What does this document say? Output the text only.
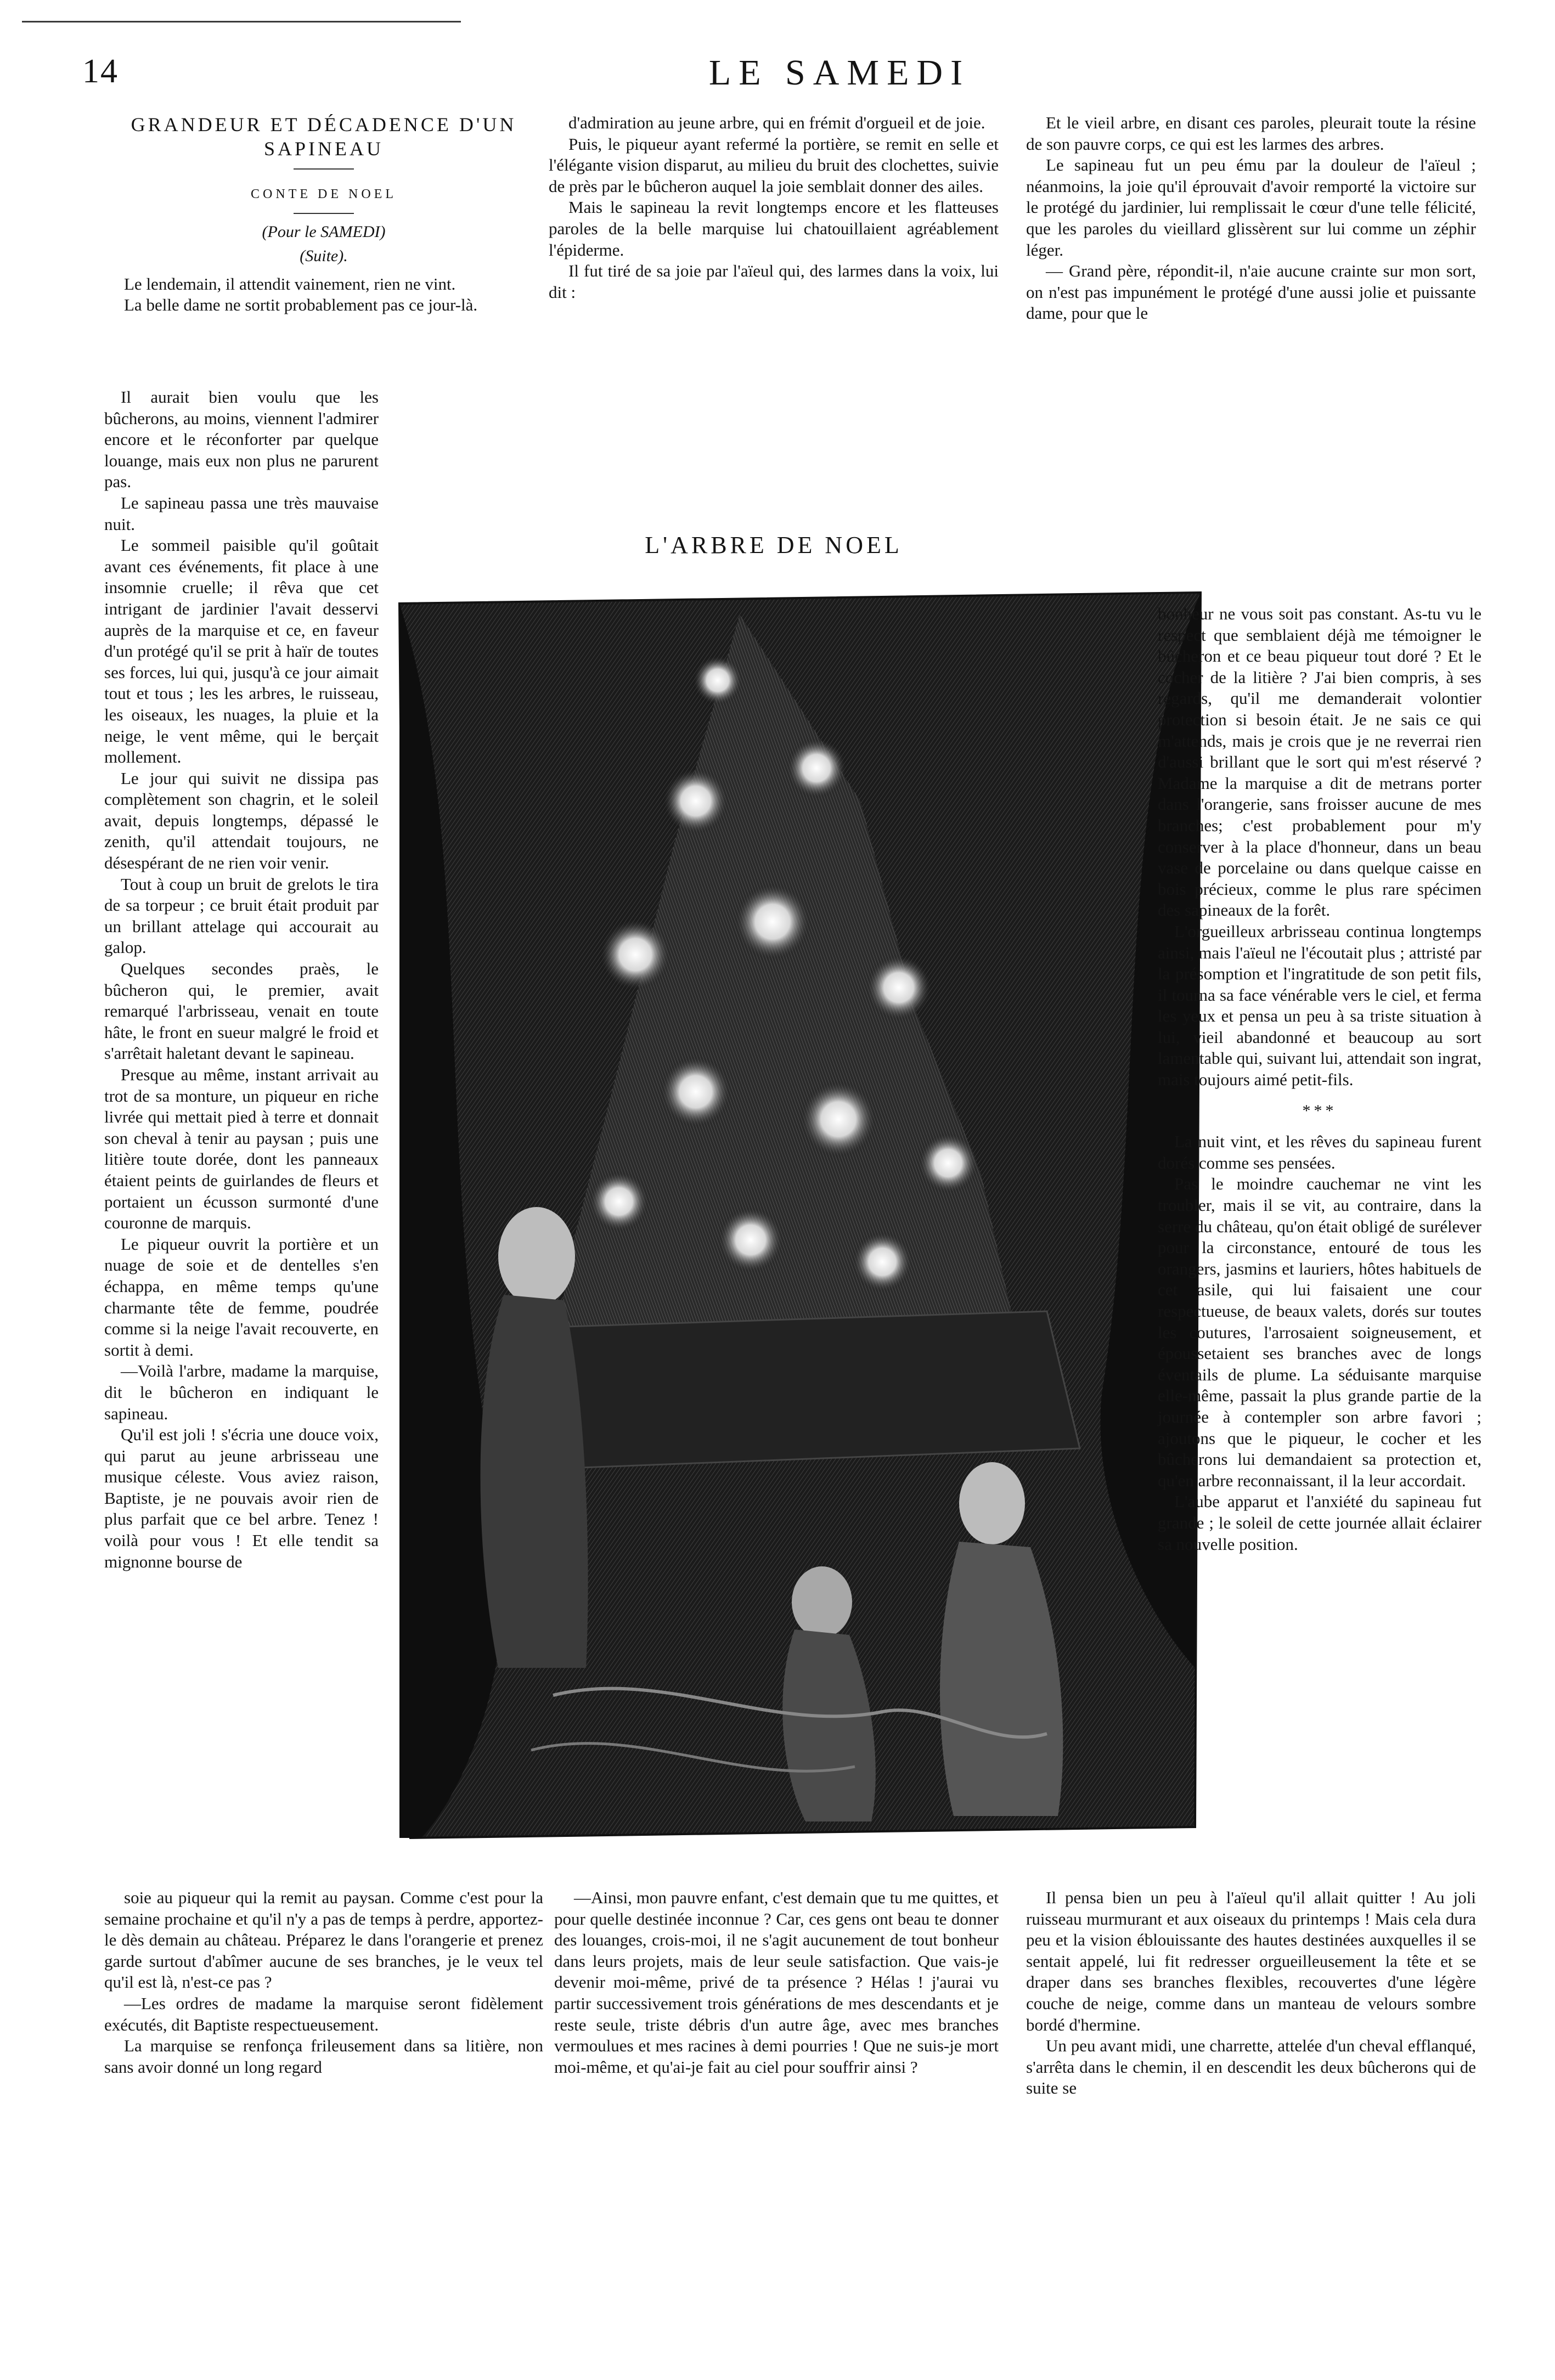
14	LE SAMEDI
GRANDEUR ET DÉCADENCE D'UN SAPINEAU
CONTE DE NOEL
(Pour le SAMEDI)
(Suite).

Le lendemain, il attendit vainement, rien ne vint.

La belle dame ne sortit probablement pas ce jour-là.

Il aurait bien voulu que les bûcherons, au moins, viennent l'admirer encore et le réconforter par quelque louange, mais eux non plus ne parurent pas.

Le sapineau passa une très mauvaise nuit.

Le sommeil paisible qu'il goûtait avant ces événements, fit place à une insomnie cruelle; il rêva que cet intrigant de jardinier l'avait desservi auprès de la marquise et ce, en faveur d'un protégé qu'il se prit à haïr de toutes ses forces, lui qui, jusqu'à ce jour aimait tout et tous ; les les arbres, le ruisseau, les oiseaux, les nuages, la pluie et la neige, le vent même, qui le berçait mollement.

Le jour qui suivit ne dissipa pas complètement son chagrin, et le soleil avait, depuis longtemps, dépassé le zenith, qu'il attendait toujours, ne désespérant de ne rien voir venir.

Tout à coup un bruit de grelots le tira de sa torpeur ; ce bruit était produit par un brillant attelage qui accourait au galop.

Quelques secondes praès, le bûcheron qui, le premier, avait remarqué l'arbrisseau, venait en toute hâte, le front en sueur malgré le froid et s'arrêtait haletant devant le sapineau.

Presque au même, instant arrivait au trot de sa monture, un piqueur en riche livrée qui mettait pied à terre et donnait son cheval à tenir au paysan ; puis une litière toute dorée, dont les panneaux étaient peints de guirlandes de fleurs et portaient un écusson surmonté d'une couronne de marquis.

Le piqueur ouvrit la portière et un nuage de soie et de dentelles s'en échappa, en même temps qu'une charmante tête de femme, poudrée comme si la neige l'avait recouverte, en sortit à demi.

—Voilà l'arbre, madame la marquise, dit le bûcheron en indiquant le sapineau.

Qu'il est joli ! s'écria une douce voix, qui parut au jeune arbrisseau une musique céleste. Vous aviez raison, Baptiste, je ne pouvais avoir rien de plus parfait que ce bel arbre. Tenez ! voilà pour vous ! Et elle tendit sa mignonne bourse de

soie au piqueur qui la remit au paysan. Comme c'est pour la semaine prochaine et qu'il n'y a pas de temps à perdre, apportez-le dès demain au château. Préparez le dans l'orangerie et prenez garde surtout d'abîmer aucune de ses branches, je le veux tel qu'il est là, n'est-ce pas ?

—Les ordres de madame la marquise seront fidèlement exécutés, dit Baptiste respectueusement.

La marquise se renfonça frileusement dans sa litière, non sans avoir donné un long regard

d'admiration au jeune arbre, qui en frémit d'orgueil et de joie.

Puis, le piqueur ayant refermé la portière, se remit en selle et l'élégante vision disparut, au milieu du bruit des clochettes, suivie de près par le bûcheron auquel la joie semblait donner des ailes.

Mais le sapineau la revit longtemps encore et les flatteuses paroles de la belle marquise lui chatouillaient agréablement l'épiderme.

Il fut tiré de sa joie par l'aïeul qui, des larmes dans la voix, lui dit :

L'ARBRE DE NOEL

—Ainsi, mon pauvre enfant, c'est demain que tu me quittes, et pour quelle destinée inconnue ? Car, ces gens ont beau te donner des louanges, crois-moi, il ne s'agit aucunement de tout bonheur dans leurs projets, mais de leur seule satisfaction. Que vais-je devenir moi-même, privé de ta présence ? Hélas ! j'aurai vu partir successivement trois générations de mes descendants et je reste seule, triste débris d'un autre âge, avec mes branches vermoulues et mes racines à demi pourries ! Que ne suis-je mort moi-même, et qu'ai-je fait au ciel pour souffrir ainsi ?

Et le vieil arbre, en disant ces paroles, pleurait toute la résine de son pauvre corps, ce qui est les larmes des arbres.

Le sapineau fut un peu ému par la douleur de l'aïeul ; néanmoins, la joie qu'il éprouvait d'avoir remporté la victoire sur le protégé du jardinier, lui remplissait le cœur d'une telle félicité, que les paroles du vieillard glissèrent sur lui comme un zéphir léger.

— Grand père, répondit-il, n'aie aucune crainte sur mon sort, on n'est pas impunément le protégé d'une aussi jolie et puissante dame, pour que le

bonheur ne vous soit pas constant. As-tu vu le respect que semblaient déjà me témoigner le bûcheron et ce beau piqueur tout doré ? Et le cocher de la litière ? J'ai bien compris, à ses regards, qu'il me demanderait volontier protection si besoin était. Je ne sais ce qui m'attends, mais je crois que je ne reverrai rien d'aussi brillant que le sort qui m'est réservé ? Madame la marquise a dit de metrans porter dans l'orangerie, sans froisser aucune de mes branches; c'est probablement pour m'y conserver à la place d'honneur, dans un beau vase de porcelaine ou dans quelque caisse en bois précieux, comme le plus rare spécimen des sapineaux de la forêt.

L'orgueilleux arbrisseau continua longtemps ainsi, mais l'aïeul ne l'écoutait plus ; attristé par la présomption et l'ingratitude de son petit fils, il tourna sa face vénérable vers le ciel, et ferma les yeux et pensa un peu à sa triste situation à lui, vieil abandonné et beaucoup au sort lamentable qui, suivant lui, attendait son ingrat, mais toujours aimé petit-fils.

***

La nuit vint, et les rêves du sapineau furent dorés comme ses pensées.

Pas le moindre cauchemar ne vint les troubler, mais il se vit, au contraire, dans la serre du château, qu'on était obligé de surélever pour la circonstance, entouré de tous les orangers, jasmins et lauriers, hôtes habituels de cet asile, qui lui faisaient une cour respectueuse, de beaux valets, dorés sur toutes les coutures, l'arrosaient soigneusement, et époussetaient ses branches avec de longs éventails de plume. La séduisante marquise elle-même, passait la plus grande partie de la journée à contempler son arbre favori ; ajoutons que le piqueur, le cocher et les bûcherons lui demandaient sa protection et, qu'en arbre reconnaissant, il la leur accordait.

L'aube apparut et l'anxiété du sapineau fut grande ; le soleil de cette journée allait éclairer sa nouvelle position.

Il pensa bien un peu à l'aïeul qu'il allait quitter ! Au joli ruisseau murmurant et aux oiseaux du printemps ! Mais cela dura peu et la vision éblouissante des hautes destinées auxquelles il se sentait appelé, lui fit redresser orgueilleusement la tête et se draper dans ses branches flexibles, recouvertes d'une légère couche de neige, comme dans un manteau de velours sombre bordé d'hermine.

Un peu avant midi, une charrette, attelée d'un cheval efflanqué, s'arrêta dans le chemin, il en descendit les deux bûcherons qui de suite se
